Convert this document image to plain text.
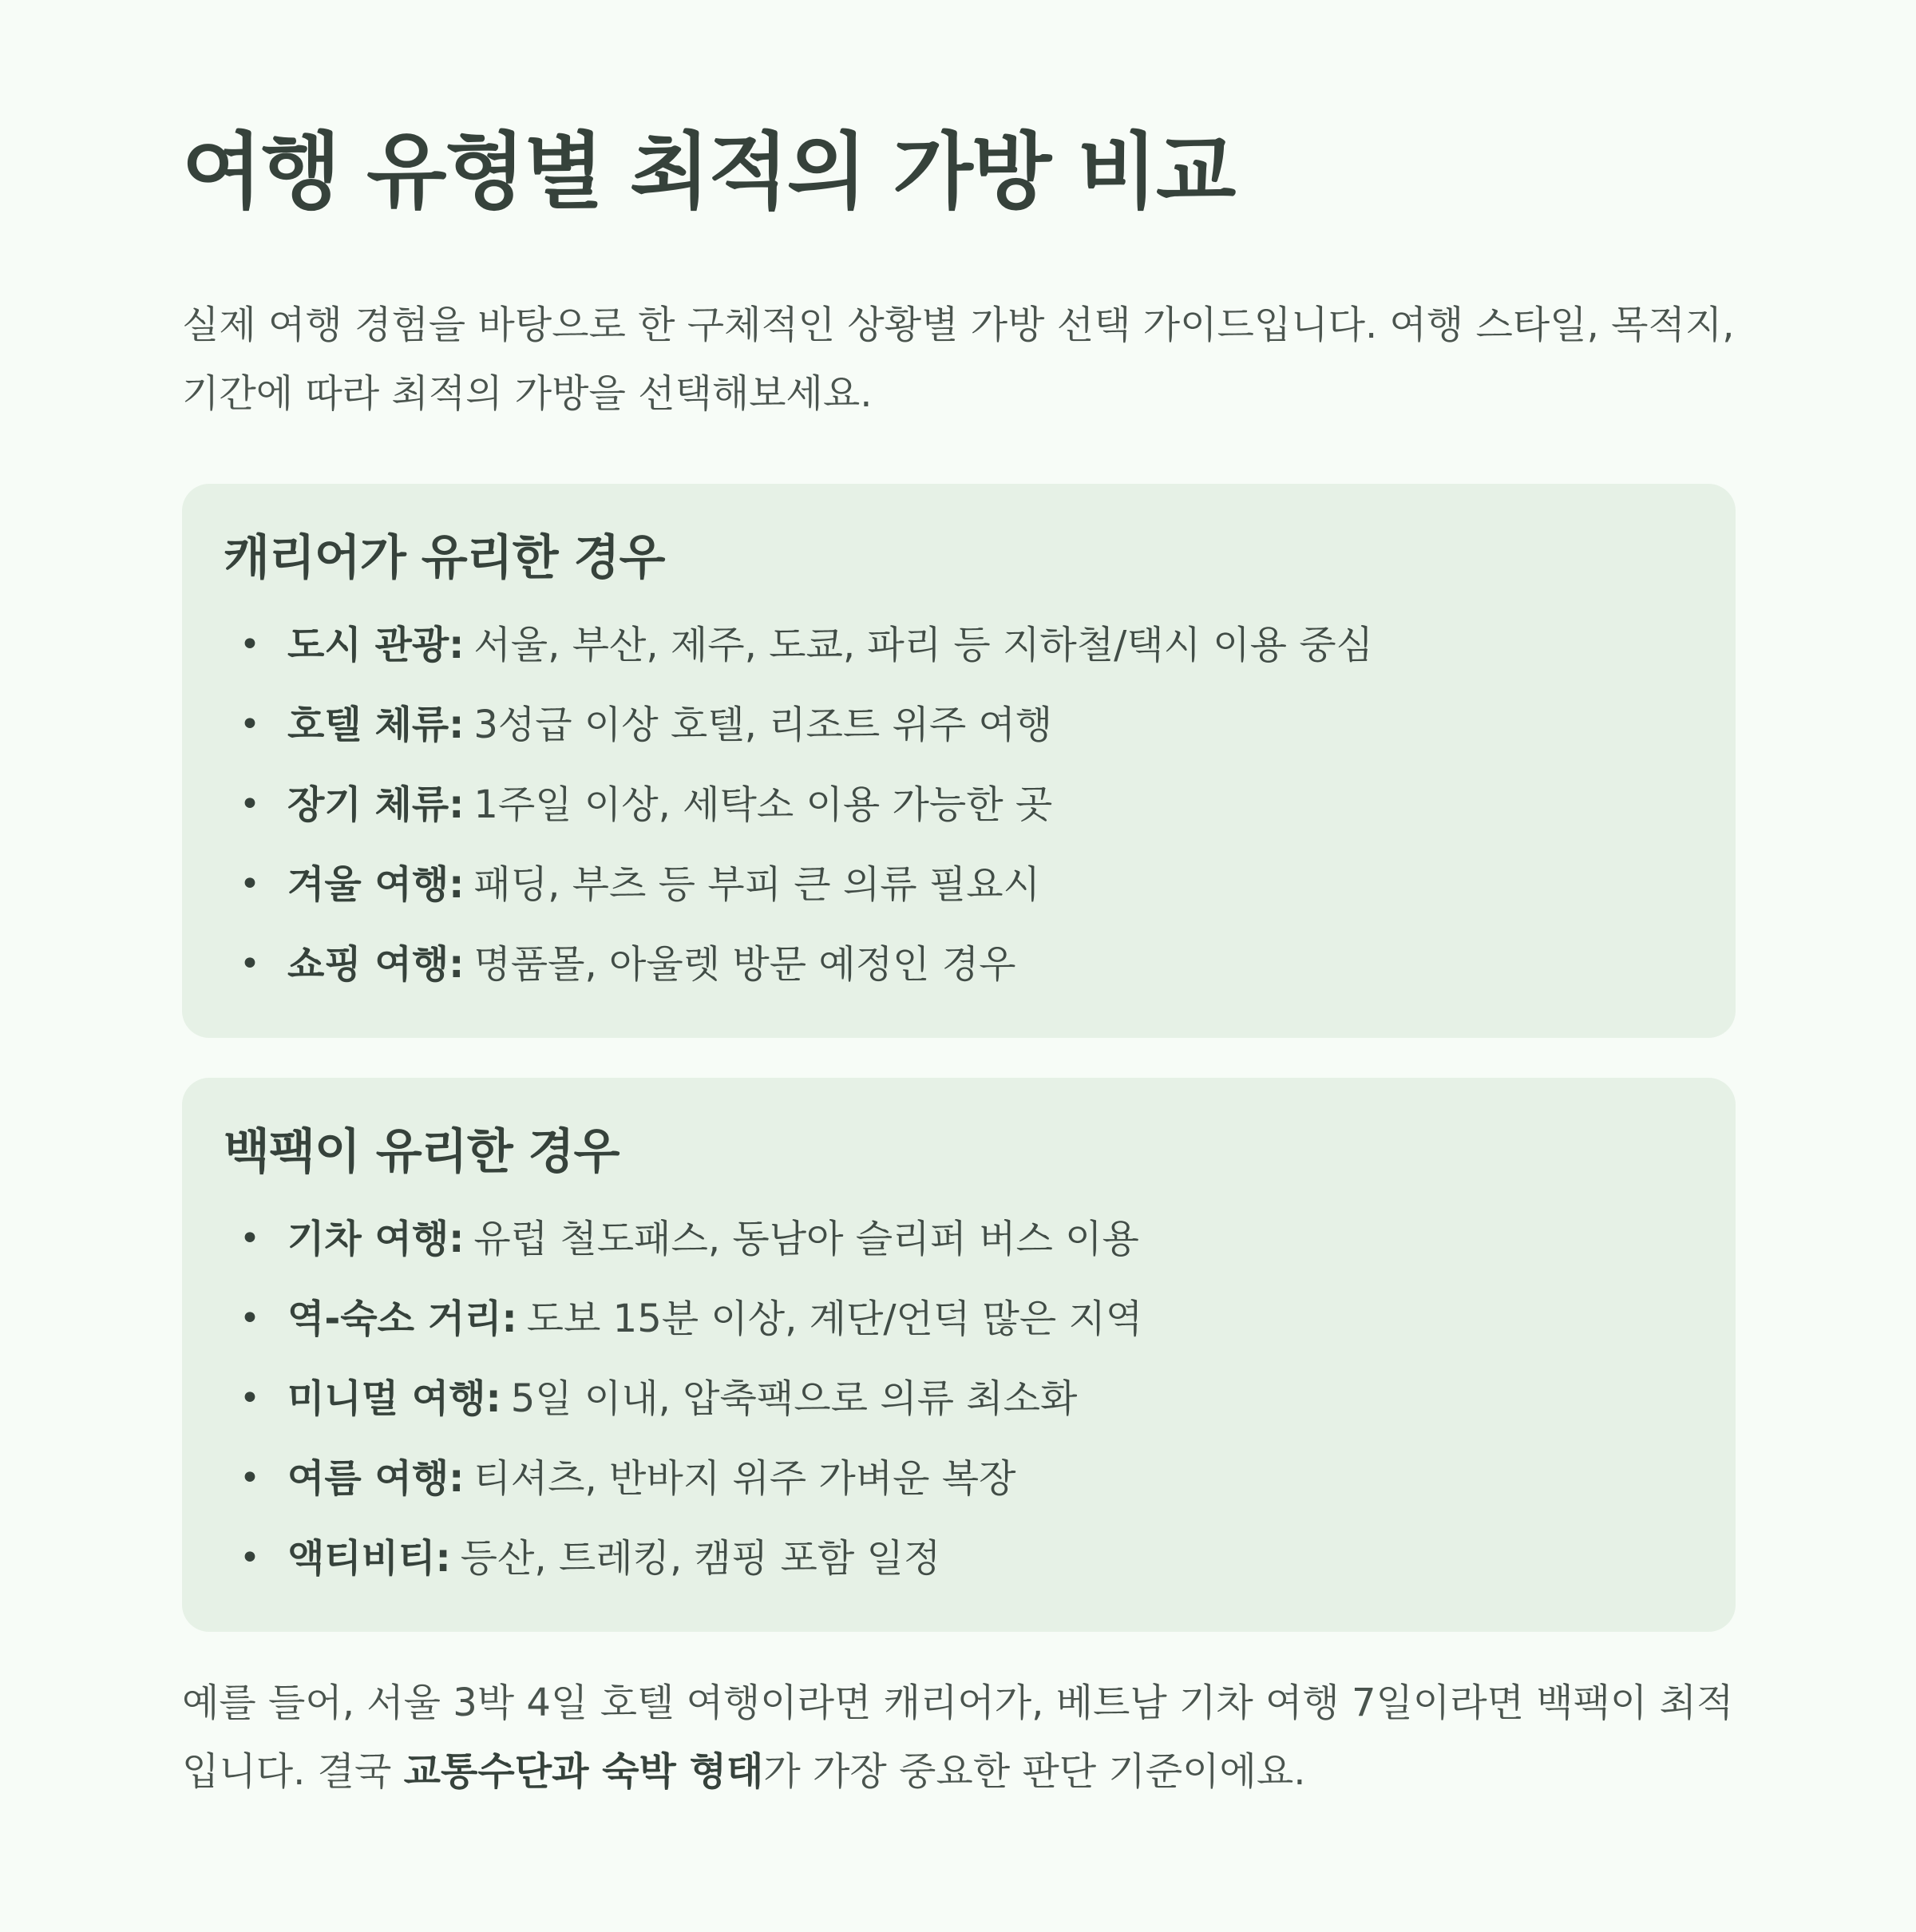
여행 유형별 최적의 가방 비교

실제 여행 경험을 바탕으로 한 구체적인 상황별 가방 선택 가이드입니다. 여행 스타일, 목적지, 기간에 따라 최적의 가방을 선택해보세요.

캐리어가 유리한 경우
• 도시 관광: 서울, 부산, 제주, 도쿄, 파리 등 지하철/택시 이용 중심
• 호텔 체류: 3성급 이상 호텔, 리조트 위주 여행
• 장기 체류: 1주일 이상, 세탁소 이용 가능한 곳
• 겨울 여행: 패딩, 부츠 등 부피 큰 의류 필요시
• 쇼핑 여행: 명품몰, 아울렛 방문 예정인 경우
백팩이 유리한 경우
• 기차 여행: 유럽 철도패스, 동남아 슬리퍼 버스 이용
• 역-숙소 거리: 도보 15분 이상, 계단/언덕 많은 지역
• 미니멀 여행: 5일 이내, 압축팩으로 의류 최소화
• 여름 여행: 티셔츠, 반바지 위주 가벼운 복장
• 액티비티: 등산, 트레킹, 캠핑 포함 일정

예를 들어, 서울 3박 4일 호텔 여행이라면 캐리어가, 베트남 기차 여행 7일이라면 백팩이 최적입니다. 결국 교통수단과 숙박 형태가 가장 중요한 판단 기준이에요.
